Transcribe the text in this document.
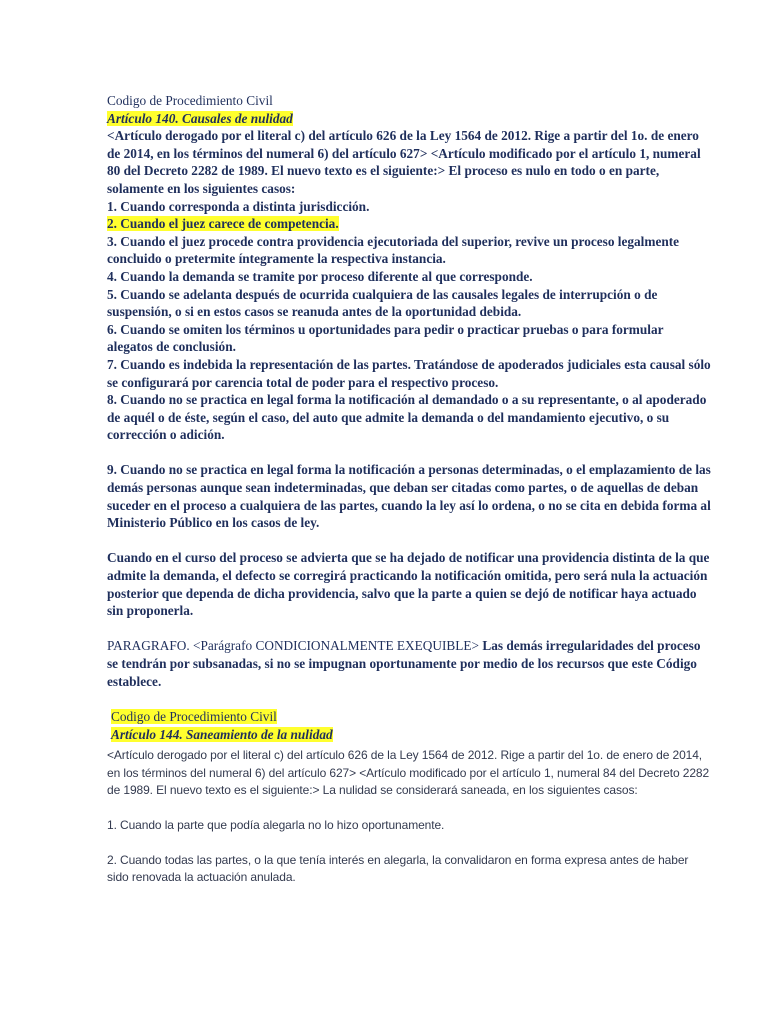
Codigo de Procedimiento Civil
Artículo 140. Causales de nulidad

<Artículo derogado por el literal c) del artículo 626 de la Ley 1564 de 2012. Rige a partir del 1o. de enero de 2014, en los términos del numeral 6) del artículo 627> <Artículo modificado por el artículo 1, numeral 80 del Decreto 2282 de 1989. El nuevo texto es el siguiente:> El proceso es nulo en todo o en parte, solamente en los siguientes casos:

1. Cuando corresponda a distinta jurisdicción.

2. Cuando el juez carece de competencia.

3. Cuando el juez procede contra providencia ejecutoriada del superior, revive un proceso legalmente concluido o pretermite íntegramente la respectiva instancia.

4. Cuando la demanda se tramite por proceso diferente al que corresponde.

5. Cuando se adelanta después de ocurrida cualquiera de las causales legales de interrupción o de suspensión, o si en estos casos se reanuda antes de la oportunidad debida.

6. Cuando se omiten los términos u oportunidades para pedir o practicar pruebas o para formular alegatos de conclusión.

7. Cuando es indebida la representación de las partes. Tratándose de apoderados judiciales esta causal sólo se configurará por carencia total de poder para el respectivo proceso.

8. Cuando no se practica en legal forma la notificación al demandado o a su representante, o al apoderado de aquél o de éste, según el caso, del auto que admite la demanda o del mandamiento ejecutivo, o su corrección o adición.

9. Cuando no se practica en legal forma la notificación a personas determinadas, o el emplazamiento de las demás personas aunque sean indeterminadas, que deban ser citadas como partes, o de aquellas de deban suceder en el proceso a cualquiera de las partes, cuando la ley así lo ordena, o no se cita en debida forma al Ministerio Público en los casos de ley.

Cuando en el curso del proceso se advierta que se ha dejado de notificar una providencia distinta de la que admite la demanda, el defecto se corregirá practicando la notificación omitida, pero será nula la actuación posterior que dependa de dicha providencia, salvo que la parte a quien se dejó de notificar haya actuado sin proponerla.

PARAGRAFO. <Parágrafo CONDICIONALMENTE EXEQUIBLE> Las demás irregularidades del proceso se tendrán por subsanadas, si no se impugnan oportunamente por medio de los recursos que este Código establece.

Codigo de Procedimiento Civil
Artículo 144. Saneamiento de la nulidad

<Artículo derogado por el literal c) del artículo 626 de la Ley 1564 de 2012. Rige a partir del 1o. de enero de 2014, en los términos del numeral 6) del artículo 627> <Artículo modificado por el artículo 1, numeral 84 del Decreto 2282 de 1989. El nuevo texto es el siguiente:> La nulidad se considerará saneada, en los siguientes casos:

1. Cuando la parte que podía alegarla no lo hizo oportunamente.

2. Cuando todas las partes, o la que tenía interés en alegarla, la convalidaron en forma expresa antes de haber sido renovada la actuación anulada.
